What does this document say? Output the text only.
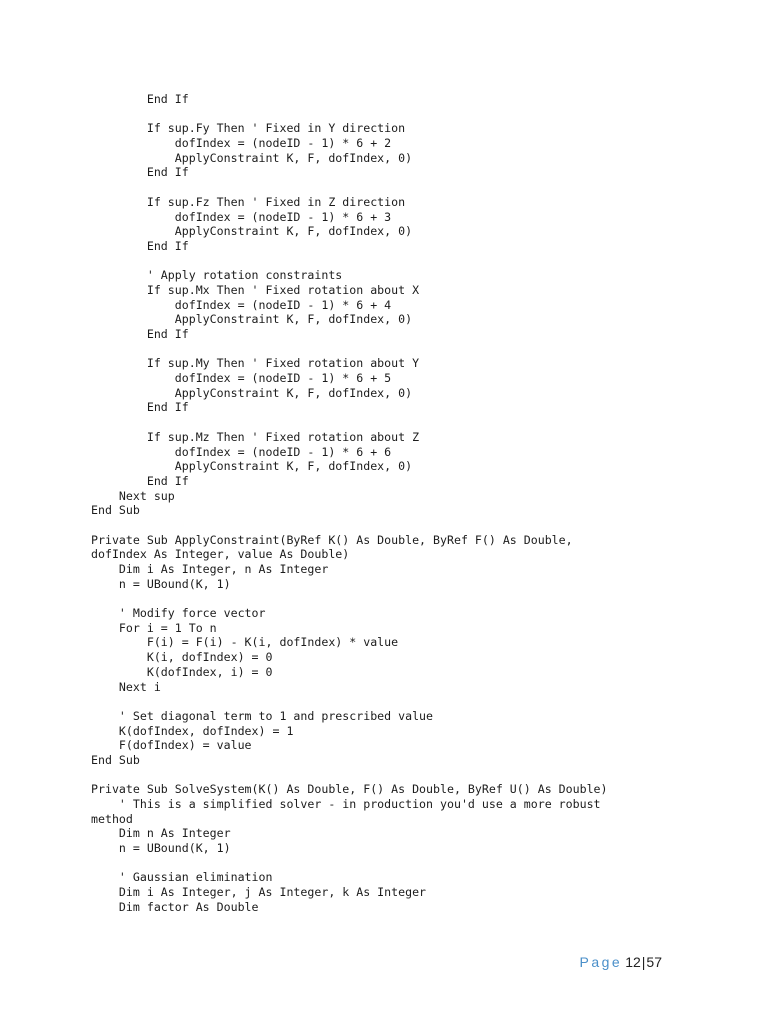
End If
If sup.Fy Then ' Fixed in Y direction
dofIndex = (nodeID - 1) * 6 + 2
ApplyConstraint K, F, dofIndex, 0)
End If
If sup.Fz Then ' Fixed in Z direction
dofIndex = (nodeID - 1) * 6 + 3
ApplyConstraint K, F, dofIndex, 0)
End If
' Apply rotation constraints
If sup.Mx Then ' Fixed rotation about X
dofIndex = (nodeID - 1) * 6 + 4
ApplyConstraint K, F, dofIndex, 0)
End If
If sup.My Then ' Fixed rotation about Y
dofIndex = (nodeID - 1) * 6 + 5
ApplyConstraint K, F, dofIndex, 0)
End If
If sup.Mz Then ' Fixed rotation about Z
dofIndex = (nodeID - 1) * 6 + 6
ApplyConstraint K, F, dofIndex, 0)
End If
Next sup
End Sub
Private Sub ApplyConstraint(ByRef K() As Double, ByRef F() As Double,
dofIndex As Integer, value As Double)
Dim i As Integer, n As Integer
n = UBound(K, 1)
' Modify force vector
For i = 1 To n
F(i) = F(i) - K(i, dofIndex) * value
K(i, dofIndex) = 0
K(dofIndex, i) = 0
Next i
' Set diagonal term to 1 and prescribed value
K(dofIndex, dofIndex) = 1
F(dofIndex) = value
End Sub
Private Sub SolveSystem(K() As Double, F() As Double, ByRef U() As Double)
' This is a simplified solver - in production you'd use a more robust
method
Dim n As Integer
n = UBound(K, 1)
' Gaussian elimination
Dim i As Integer, j As Integer, k As Integer
Dim factor As Double
Page 12|57
